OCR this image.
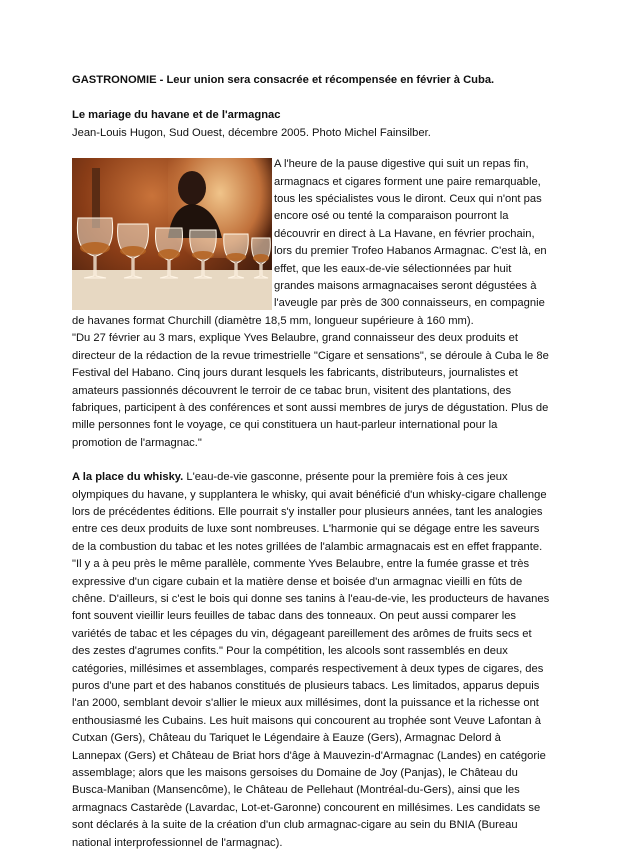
GASTRONOMIE - Leur union sera consacrée et récompensée en février à Cuba.

Le mariage du havane et de l'armagnac

Jean-Louis Hugon, Sud Ouest, décembre 2005. Photo Michel Fainsilber.

A l'heure de la pause digestive qui suit un repas fin, armagnacs et cigares forment une paire remarquable, tous les spécialistes vous le diront. Ceux qui n'ont pas encore osé ou tenté la comparaison pourront la découvrir en direct à La Havane, en février prochain, lors du premier Trofeo Habanos Armagnac. C'est là, en effet, que les eaux-de-vie sélectionnées par huit grandes maisons armagnacaises seront dégustées à l'aveugle par près de 300 connaisseurs, en compagnie de havanes format Churchill (diamètre 18,5 mm, longueur supérieure à 160 mm).

"Du 27 février au 3 mars, explique Yves Belaubre, grand connaisseur des deux produits et directeur de la rédaction de la revue trimestrielle "Cigare et sensations", se déroule à Cuba le 8e Festival del Habano. Cinq jours durant lesquels les fabricants, distributeurs, journalistes et amateurs passionnés découvrent le terroir de ce tabac brun, visitent des plantations, des fabriques, participent à des conférences et sont aussi membres de jurys de dégustation. Plus de mille personnes font le voyage, ce qui constituera un haut-parleur international pour la promotion de l'armagnac."

A la place du whisky. L'eau-de-vie gasconne, présente pour la première fois à ces jeux olympiques du havane, y supplantera le whisky, qui avait bénéficié d'un whisky-cigare challenge lors de précédentes éditions. Elle pourrait s'y installer pour plusieurs années, tant les analogies entre ces deux produits de luxe sont nombreuses. L'harmonie qui se dégage entre les saveurs de la combustion du tabac et les notes grillées de l'alambic armagnacais est en effet frappante. "Il y a à peu près le même parallèle, commente Yves Belaubre, entre la fumée grasse et très expressive d'un cigare cubain et la matière dense et boisée d'un armagnac vieilli en fûts de chêne. D'ailleurs, si c'est le bois qui donne ses tanins à l'eau-de-vie, les producteurs de havanes font souvent vieillir leurs feuilles de tabac dans des tonneaux. On peut aussi comparer les variétés de tabac et les cépages du vin, dégageant pareillement des arômes de fruits secs et des zestes d'agrumes confits." Pour la compétition, les alcools sont rassemblés en deux catégories, millésimes et assemblages, comparés respectivement à deux types de cigares, des puros d'une part et des habanos constitués de plusieurs tabacs. Les limitados, apparus depuis l'an 2000, semblant devoir s'allier le mieux aux millésimes, dont la puissance et la richesse ont enthousiasmé les Cubains. Les huit maisons qui concourent au trophée sont Veuve Lafontan à Cutxan (Gers), Château du Tariquet le Légendaire à Eauze (Gers), Armagnac Delord à Lannepax (Gers) et Château de Briat hors d'âge à Mauvezin-d'Armagnac (Landes) en catégorie assemblage; alors que les maisons gersoises du Domaine de Joy (Panjas), le Château du Busca-Maniban (Mansencôme), le Château de Pellehaut (Montréal-du-Gers), ainsi que les armagnacs Castarède (Lavardac, Lot-et-Garonne) concourent en millésimes. Les candidats se sont déclarés à la suite de la création d'un club armagnac-cigare au sein du BNIA (Bureau national interprofessionnel de l'armagnac).
